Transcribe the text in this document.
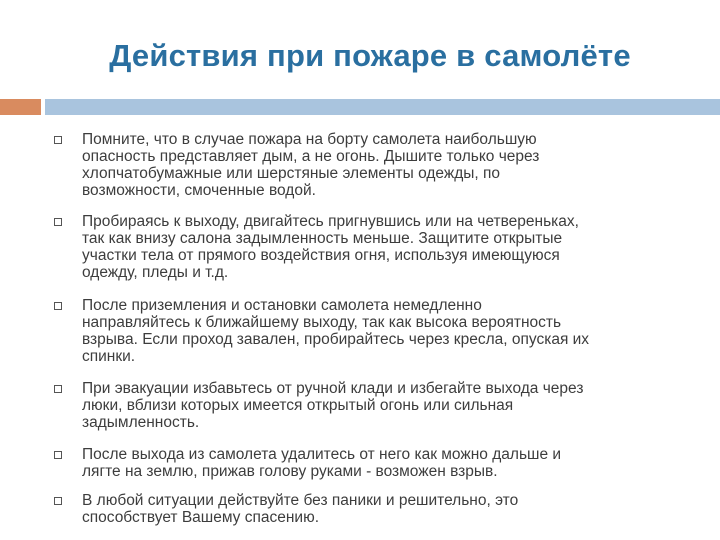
Действия при пожаре в самолёте
Помните, что в случае пожара на борту самолета наибольшую
опасность представляет дым, а не огонь. Дышите только через
хлопчатобумажные или шерстяные элементы одежды, по
возможности, смоченные водой.
Пробираясь к выходу, двигайтесь пригнувшись или на четвереньках,
так как внизу салона задымленность меньше. Защитите открытые
участки тела от прямого воздействия огня, используя имеющуюся
одежду, пледы и т.д.
После приземления и остановки самолета немедленно
направляйтесь к ближайшему выходу, так как высока вероятность
взрыва. Если проход завален, пробирайтесь через кресла, опуская их
спинки.
При эвакуации избавьтесь от ручной клади и избегайте выхода через
люки, вблизи которых имеется открытый огонь или сильная
задымленность.
После выхода из самолета удалитесь от него как можно дальше и
лягте на землю, прижав голову руками - возможен взрыв.
В любой ситуации действуйте без паники и решительно, это
способствует Вашему спасению.
